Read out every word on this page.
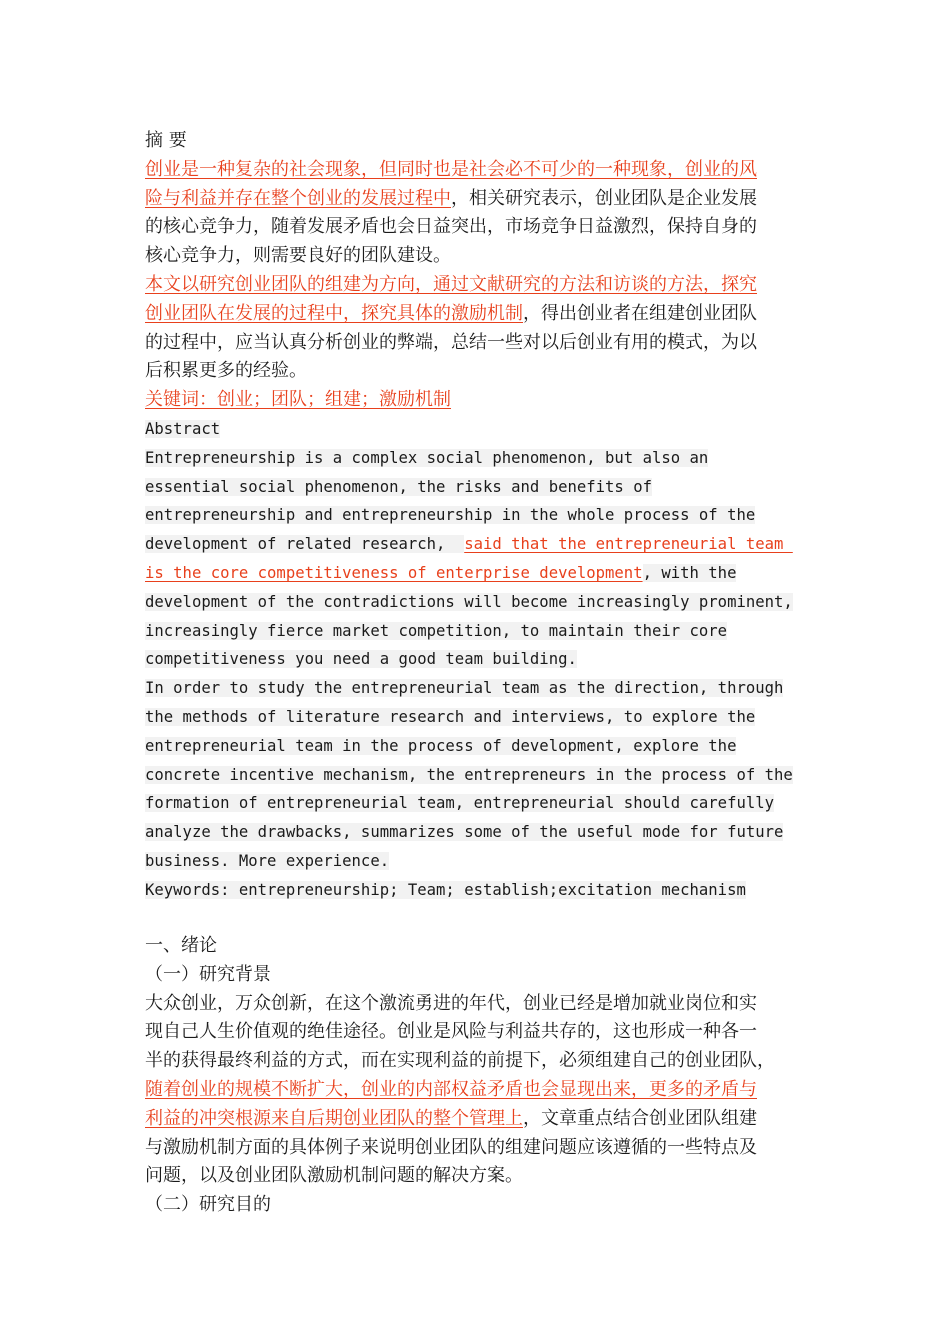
摘 要
创业是一种复杂的社会现象，但同时也是社会必不可少的一种现象，创业的风
险与利益并存在整个创业的发展过程中，相关研究表示，创业团队是企业发展
的核心竞争力，随着发展矛盾也会日益突出，市场竞争日益激烈，保持自身的
核心竞争力，则需要良好的团队建设。
本文以研究创业团队的组建为方向，通过文献研究的方法和访谈的方法，探究
创业团队在发展的过程中，探究具体的激励机制，得出创业者在组建创业团队
的过程中，应当认真分析创业的弊端，总结一些对以后创业有用的模式，为以
后积累更多的经验。
关键词：创业；团队；组建；激励机制
Abstract
Entrepreneurship is a complex social phenomenon, but also an
essential social phenomenon, the risks and benefits of
entrepreneurship and entrepreneurship in the whole process of the
development of related research,  said that the entrepreneurial team
is the core competitiveness of enterprise development, with the
development of the contradictions will become increasingly prominent,
increasingly fierce market competition, to maintain their core
competitiveness you need a good team building.
In order to study the entrepreneurial team as the direction, through
the methods of literature research and interviews, to explore the
entrepreneurial team in the process of development, explore the
concrete incentive mechanism, the entrepreneurs in the process of the
formation of entrepreneurial team, entrepreneurial should carefully
analyze the drawbacks, summarizes some of the useful mode for future
business. More experience.
Keywords: entrepreneurship; Team; establish;excitation mechanism
一、绪论
（一）研究背景
大众创业，万众创新，在这个激流勇进的年代，创业已经是增加就业岗位和实
现自己人生价值观的绝佳途径。创业是风险与利益共存的，这也形成一种各一
半的获得最终利益的方式，而在实现利益的前提下，必须组建自己的创业团队，
随着创业的规模不断扩大，创业的内部权益矛盾也会显现出来，更多的矛盾与
利益的冲突根源来自后期创业团队的整个管理上，文章重点结合创业团队组建
与激励机制方面的具体例子来说明创业团队的组建问题应该遵循的一些特点及
问题，以及创业团队激励机制问题的解决方案。
（二）研究目的
